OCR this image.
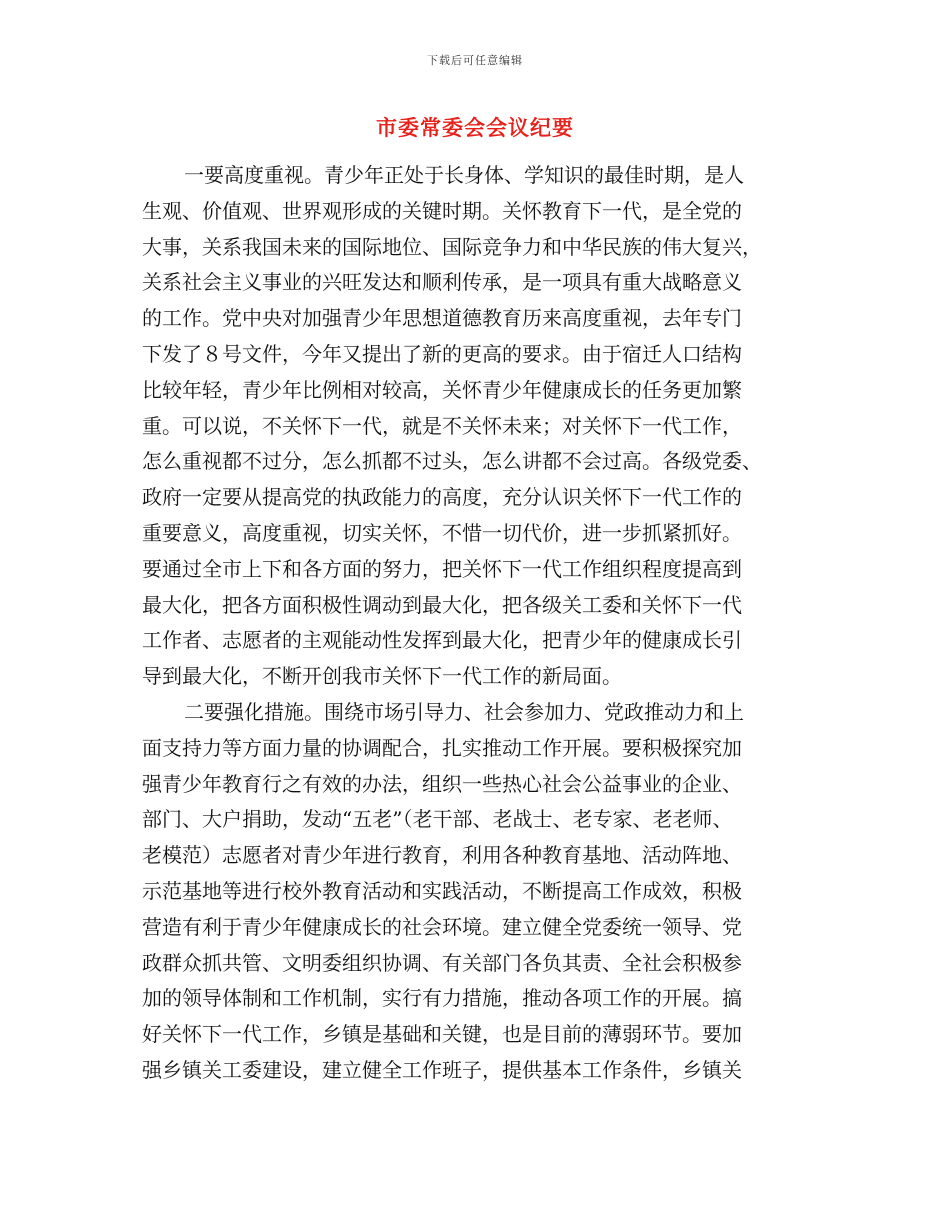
下载后可任意编辑
市委常委会会议纪要
一要高度重视。青少年正处于长身体、学知识的最佳时期，是人
生观、价值观、世界观形成的关键时期。关怀教育下一代，是全党的
大事，关系我国未来的国际地位、国际竞争力和中华民族的伟大复兴，
关系社会主义事业的兴旺发达和顺利传承，是一项具有重大战略意义
的工作。党中央对加强青少年思想道德教育历来高度重视，去年专门
下发了８号文件，今年又提出了新的更高的要求。由于宿迁人口结构
比较年轻，青少年比例相对较高，关怀青少年健康成长的任务更加繁
重。可以说，不关怀下一代，就是不关怀未来；对关怀下一代工作，
怎么重视都不过分，怎么抓都不过头，怎么讲都不会过高。各级党委、
政府一定要从提高党的执政能力的高度，充分认识关怀下一代工作的
重要意义，高度重视，切实关怀，不惜一切代价，进一步抓紧抓好。
要通过全市上下和各方面的努力，把关怀下一代工作组织程度提高到
最大化，把各方面积极性调动到最大化，把各级关工委和关怀下一代
工作者、志愿者的主观能动性发挥到最大化，把青少年的健康成长引
导到最大化，不断开创我市关怀下一代工作的新局面。
二要强化措施。围绕市场引导力、社会参加力、党政推动力和上
面支持力等方面力量的协调配合，扎实推动工作开展。要积极探究加
强青少年教育行之有效的办法，组织一些热心社会公益事业的企业、
部门、大户捐助，发动“五老”（老干部、老战士、老专家、老老师、
老模范）志愿者对青少年进行教育，利用各种教育基地、活动阵地、
示范基地等进行校外教育活动和实践活动，不断提高工作成效，积极
营造有利于青少年健康成长的社会环境。建立健全党委统一领导、党
政群众抓共管、文明委组织协调、有关部门各负其责、全社会积极参
加的领导体制和工作机制，实行有力措施，推动各项工作的开展。搞
好关怀下一代工作，乡镇是基础和关键，也是目前的薄弱环节。要加
强乡镇关工委建设，建立健全工作班子，提供基本工作条件，乡镇关
